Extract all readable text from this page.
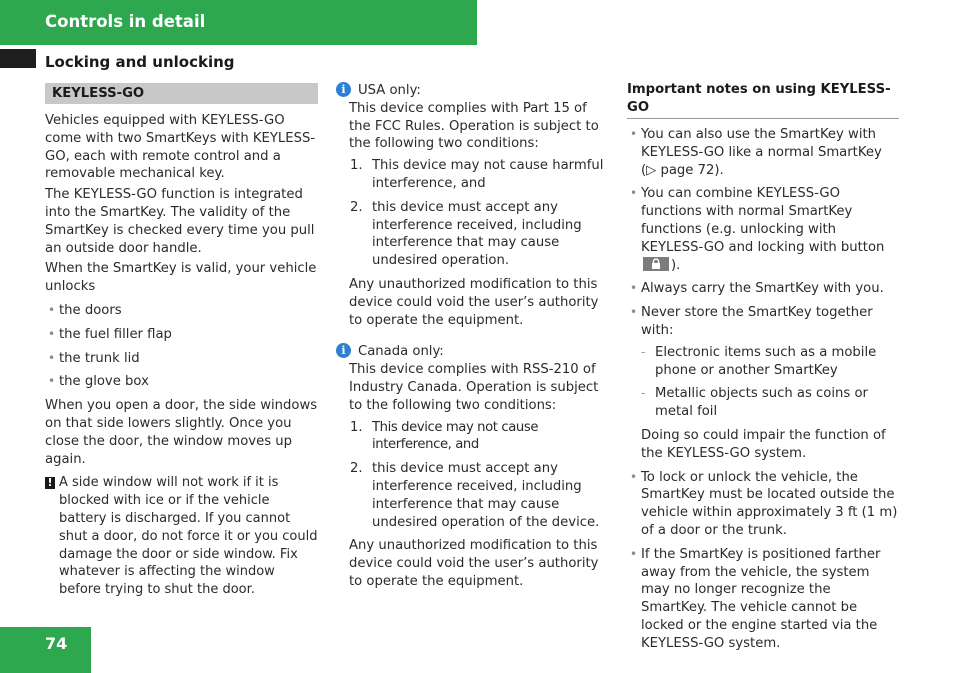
Controls in detail
Locking and unlocking
KEYLESS-GO

Vehicles equipped with KEYLESS-GO come with two SmartKeys with KEYLESS-GO, each with remote control and a removable mechanical key.

The KEYLESS-GO function is integrated into the SmartKey. The validity of the SmartKey is checked every time you pull an outside door handle.

When the SmartKey is valid, your vehicle unlocks

• the doors
• the fuel filler flap
• the trunk lid
• the glove box

When you open a door, the side windows on that side lowers slightly. Once you close the door, the window moves up again.

! A side window will not work if it is blocked with ice or if the vehicle battery is discharged. If you cannot shut a door, do not force it or you could damage the door or side window. Fix whatever is affecting the window before trying to shut the door.
i USA only:

This device complies with Part 15 of the FCC Rules. Operation is subject to the following two conditions:

1. This device may not cause harmful interference, and
2. this device must accept any interference received, including interference that may cause undesired operation.

Any unauthorized modification to this device could void the user’s authority to operate the equipment.

i Canada only:

This device complies with RSS-210 of Industry Canada. Operation is subject to the following two conditions:

1. This device may not cause interference, and
2. this device must accept any interference received, including interference that may cause undesired operation of the device.

Any unauthorized modification to this device could void the user’s authority to operate the equipment.

Important notes on using KEYLESS-GO
• You can also use the SmartKey with KEYLESS-GO like a normal SmartKey (▷ page 72).
• You can combine KEYLESS-GO functions with normal SmartKey functions (e.g. unlocking with KEYLESS-GO and locking with button
).
• Always carry the SmartKey with you.
• Never store the SmartKey together with:
- Electronic items such as a mobile phone or another SmartKey
- Metallic objects such as coins or metal foil

Doing so could impair the function of the KEYLESS-GO system.

• To lock or unlock the vehicle, the SmartKey must be located outside the vehicle within approximately 3 ft (1 m) of a door or the trunk.
• If the SmartKey is positioned farther away from the vehicle, the system may no longer recognize the SmartKey. The vehicle cannot be locked or the engine started via the KEYLESS-GO system.
74
